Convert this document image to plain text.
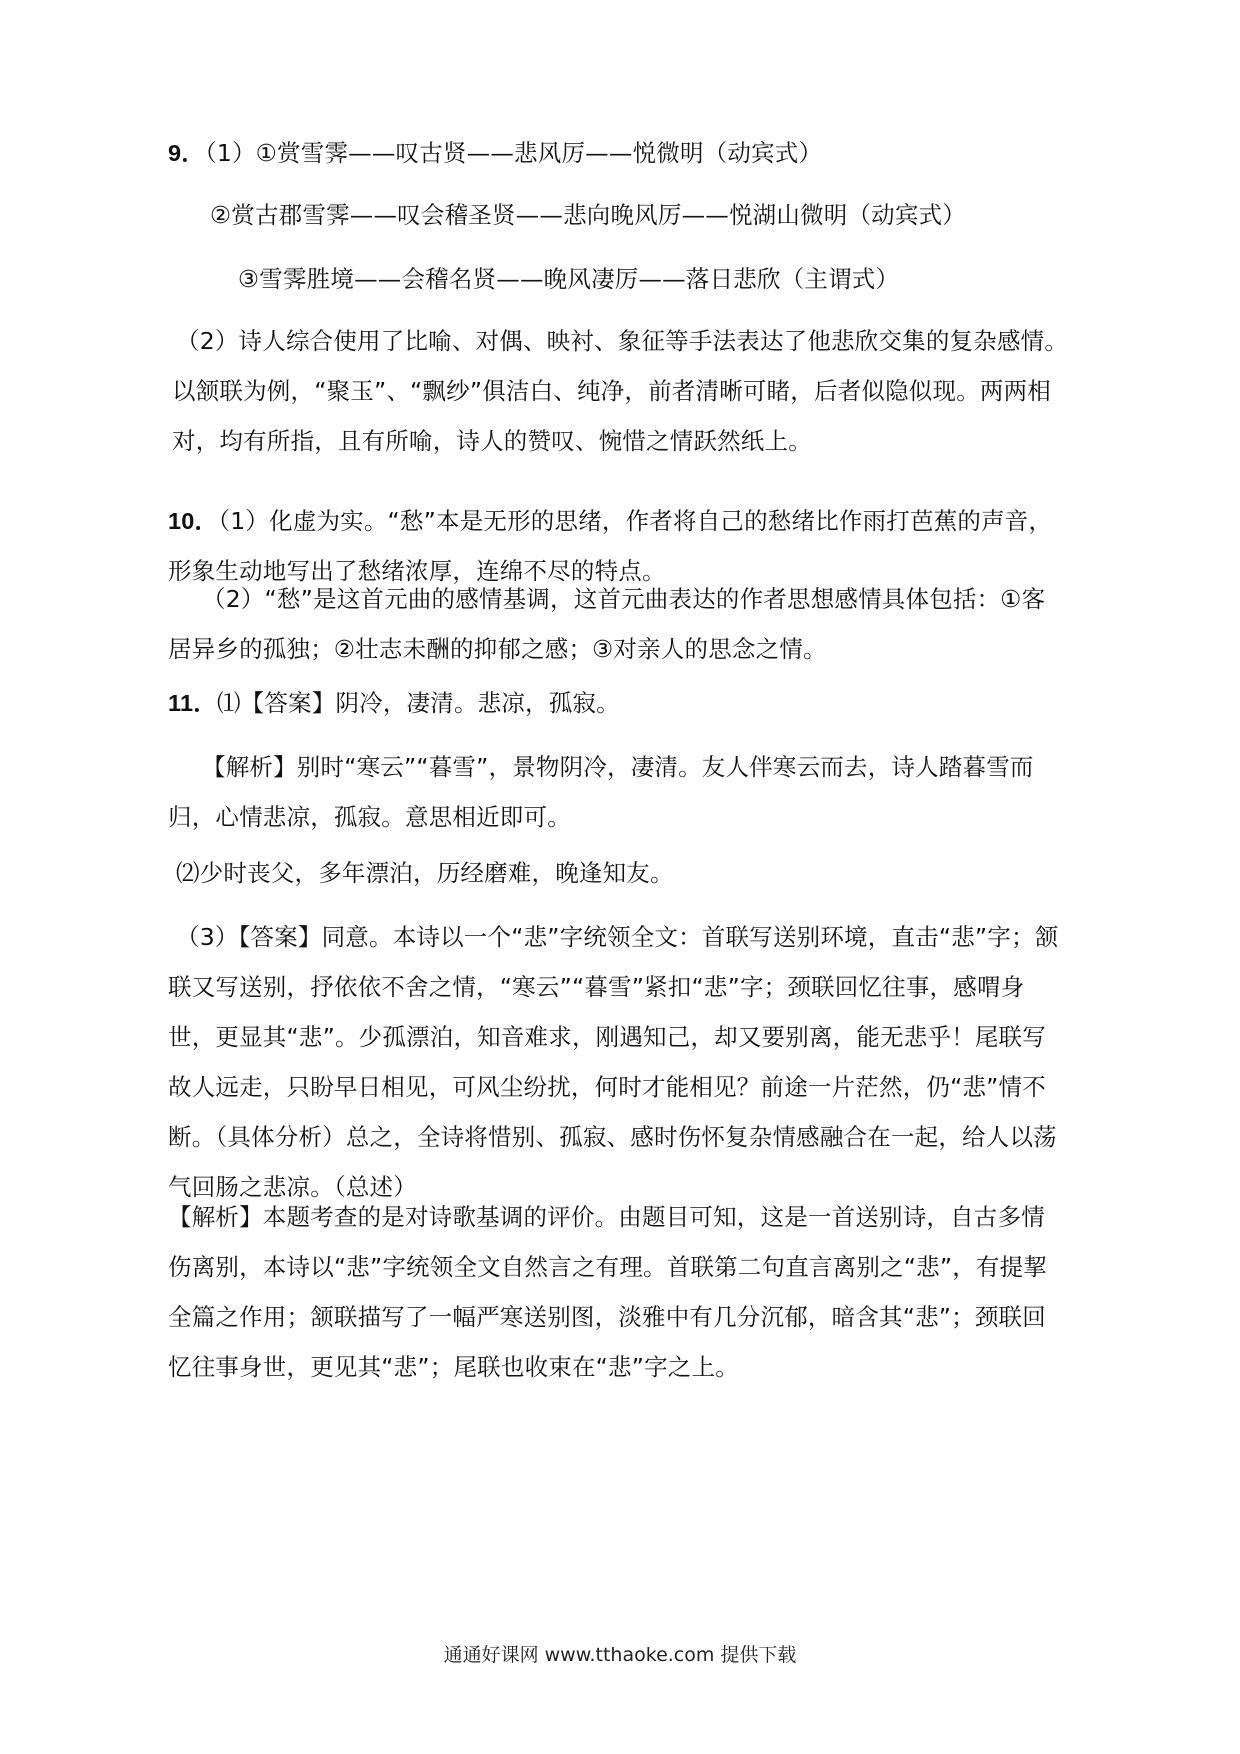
9．（1）①赏雪霁——叹古贤——悲风厉——悦微明（动宾式）

②赏古郡雪霁——叹会稽圣贤——悲向晚风厉——悦湖山微明（动宾式）

③雪霁胜境——会稽名贤——晚风凄厉——落日悲欣（主谓式）

（2）诗人综合使用了比喻、对偶、映衬、象征等手法表达了他悲欣交集的复杂感情。以颔联为例，“聚玉”、“飘纱”俱洁白、纯净，前者清晰可睹，后者似隐似现。两两相对，均有所指，且有所喻，诗人的赞叹、惋惜之情跃然纸上。

10．（1）化虚为实。“愁”本是无形的思绪，作者将自己的愁绪比作雨打芭蕉的声音，形象生动地写出了愁绪浓厚，连绵不尽的特点。

（2）“愁”是这首元曲的感情基调，这首元曲表达的作者思想感情具体包括：①客居异乡的孤独；②壮志未酬的抑郁之感；③对亲人的思念之情。

11．⑴【答案】阴冷，凄清。悲凉，孤寂。

【解析】别时“寒云”“暮雪”，景物阴冷，凄清。友人伴寒云而去，诗人踏暮雪而归，心情悲凉，孤寂。意思相近即可。

⑵少时丧父，多年漂泊，历经磨难，晚逢知友。

（3）【答案】同意。本诗以一个“悲”字统领全文：首联写送别环境，直击“悲”字；颔联又写送别，抒依依不舍之情，“寒云”“暮雪”紧扣“悲”字；颈联回忆往事，感喟身世，更显其“悲”。少孤漂泊，知音难求，刚遇知己，却又要别离，能无悲乎！尾联写故人远走，只盼早日相见，可风尘纷扰，何时才能相见？前途一片茫然，仍“悲”情不断。（具体分析）总之，全诗将惜别、孤寂、感时伤怀复杂情感融合在一起，给人以荡气回肠之悲凉。（总述）

【解析】本题考查的是对诗歌基调的评价。由题目可知，这是一首送别诗，自古多情伤离别，本诗以“悲”字统领全文自然言之有理。首联第二句直言离别之“悲”，有提挈全篇之作用；颔联描写了一幅严寒送别图，淡雅中有几分沉郁，暗含其“悲”；颈联回忆往事身世，更见其“悲”；尾联也收束在“悲”字之上。

通通好课网 www.tthaoke.com 提供下载
